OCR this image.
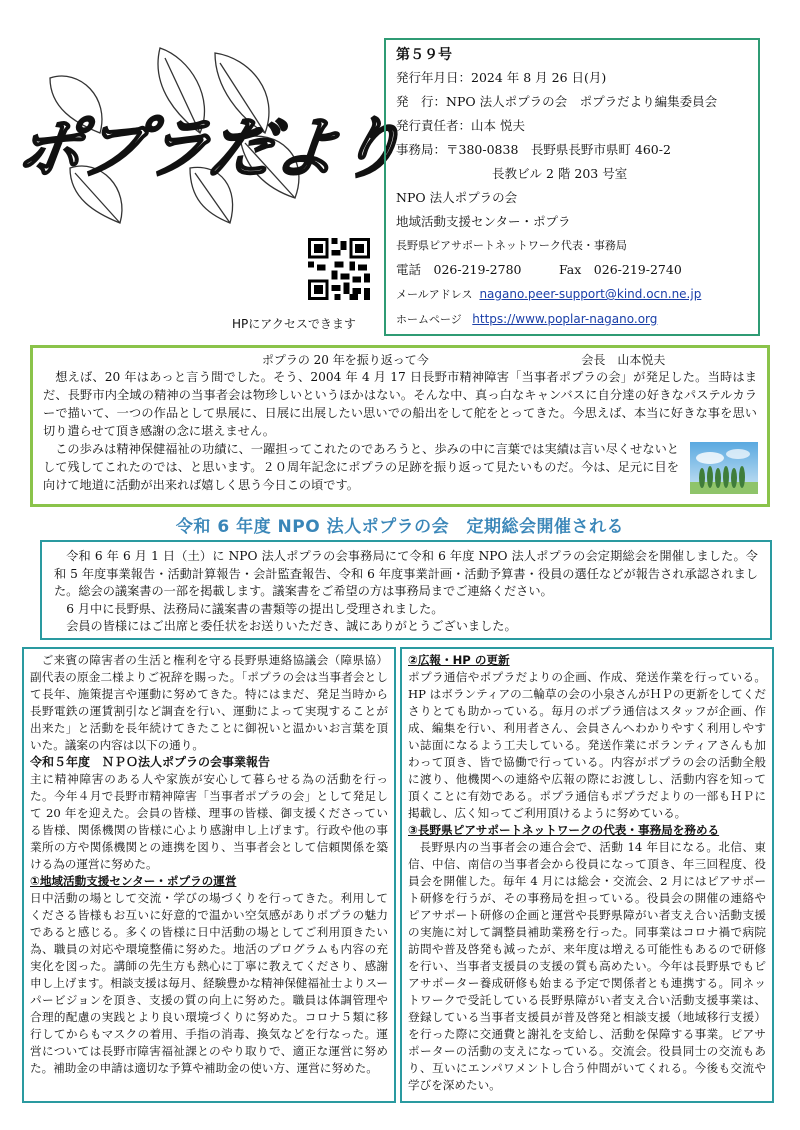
ポプラだより
HPにアクセスできます
第５９号
発行年月日：2024 年 8 月 26 日(月)
発　行：NPO 法人ポプラの会　ポプラだより編集委員会
発行責任者：山本 悦夫
事務局：〒380-0838　長野県長野市県町 460-2
長教ビル 2 階 203 号室
NPO 法人ポプラの会
地域活動支援センター・ポプラ
長野県ピアサポートネットワーク代表・事務局
電話　026-219-2780　　　Fax　026-219-2740
メールアドレス nagano.peer-support@kind.ocn.ne.jp
ホームページ https://www.poplar-nagano.org
ポプラの 20 年を振り返って今	会長　山本悦夫

想えば、20 年はあっと言う間でした。そう、2004 年 4 月 17 日長野市精神障害「当事者ポプラの会」が発足した。当時はまだ、長野市内全域の精神の当事者会は物珍しいというほかはない。そんな中、真っ白なキャンバスに自分達の好きなパステルカラーで描いて、一つの作品として県展に、日展に出展したい思いでの船出をして舵をとってきた。今思えば、本当に好きな事を思い切り遣らせて頂き感謝の念に堪えません。

この歩みは精神保健福祉の功績に、一躍担ってこれたのであろうと、歩みの中に言葉では実績は言い尽くせないとして残してこれたのでは、と思います。２０周年記念にポプラの足跡を振り返って見たいものだ。今は、足元に目を向けて地道に活動が出来れば嬉しく思う今日この頃です。

令和 6 年度 NPO 法人ポプラの会　定期総会開催される

令和 6 年 6 月 1 日（土）に NPO 法人ポプラの会事務局にて令和 6 年度 NPO 法人ポプラの会定期総会を開催しました。令和 5 年度事業報告・活動計算報告・会計監査報告、令和 6 年度事業計画・活動予算書・役員の選任などが報告され承認されました。総会の議案書の一部を掲載します。議案書をご希望の方は事務局までご連絡ください。

6 月中に長野県、法務局に議案書の書類等の提出し受理されました。

会員の皆様にはご出席と委任状をお送りいただき、誠にありがとうございました。

ご来賓の障害者の生活と権利を守る長野県連絡協議会（障県協）副代表の原金二様よりご祝辞を賜った。「ポプラの会は当事者会として長年、施策提言や運動に努めてきた。特にはまだ、発足当時から長野電鉄の運賃割引など調査を行い、運動によって実現することが出来た」と活動を長年続けてきたことに御祝いと温かいお言葉を頂いた。議案の内容は以下の通り。

令和５年度　ＮＰＯ法人ポプラの会事業報告

主に精神障害のある人や家族が安心して暮らせる為の活動を行った。今年４月で長野市精神障害「当事者ポプラの会」として発足して 20 年を迎えた。会員の皆様、理事の皆様、御支援くださっている皆様、関係機関の皆様に心より感謝申し上げます。行政や他の事業所の方や関係機関との連携を図り、当事者会として信頼関係を築ける為の運営に努めた。

①地域活動支援センター・ポプラの運営

日中活動の場として交流・学びの場づくりを行ってきた。利用してくださる皆様もお互いに好意的で温かい空気感がありポプラの魅力であると感じる。多くの皆様に日中活動の場としてご利用頂きたい為、職員の対応や環境整備に努めた。地活のプログラムも内容の充実化を図った。講師の先生方も熱心に丁寧に教えてくださり、感謝申し上げます。相談支援は毎月、経験豊かな精神保健福祉士よりスーパービジョンを頂き、支援の質の向上に努めた。職員は体調管理や合理的配慮の実践とより良い環境づくりに努めた。コロナ５類に移行してからもマスクの着用、手指の消毒、換気などを行なった。運営については長野市障害福祉課とのやり取りで、適正な運営に努めた。補助金の申請は適切な予算や補助金の使い方、運営に努めた。

②広報・HP の更新

ポプラ通信やポプラだよりの企画、作成、発送作業を行っている。HP はボランティアの二輪草の会の小泉さんがＨＰの更新をしてくださりとても助かっている。毎月のポプラ通信はスタッフが企画、作成、編集を行い、利用者さん、会員さんへわかりやすく利用しやすい誌面になるよう工夫している。発送作業にボランティアさんも加わって頂き、皆で協働で行っている。内容がポプラの会の活動全般に渡り、他機関への連絡や広報の際にお渡しし、活動内容を知って頂くことに有効である。ポプラ通信もポプラだよりの一部もＨＰに掲載し、広く知ってご利用頂けるように努めている。

③長野県ピアサポートネットワークの代表・事務局を務める

長野県内の当事者会の連合会で、活動 14 年目になる。北信、東信、中信、南信の当事者会から役員になって頂き、年三回程度、役員会を開催した。毎年 4 月には総会・交流会、2 月にはピアサポート研修を行うが、その事務局を担っている。役員会の開催の連絡やピアサポート研修の企画と運営や長野県障がい者支え合い活動支援の実施に対して調整員補助業務を行った。同事業はコロナ禍で病院訪問や普及啓発も減ったが、来年度は増える可能性もあるので研修を行い、当事者支援員の支援の質も高めたい。今年は長野県でもピアサポーター養成研修も始まる予定で関係者とも連携する。同ネットワークで受託している長野県障がい者支え合い活動支援事業は、登録している当事者支援員が普及啓発と相談支援（地域移行支援）を行った際に交通費と謝礼を支給し、活動を保障する事業。ピアサポーターの活動の支えになっている。交流会。役員同士の交流もあり、互いにエンパワメントし合う仲間がいてくれる。今後も交流や学びを深めたい。
